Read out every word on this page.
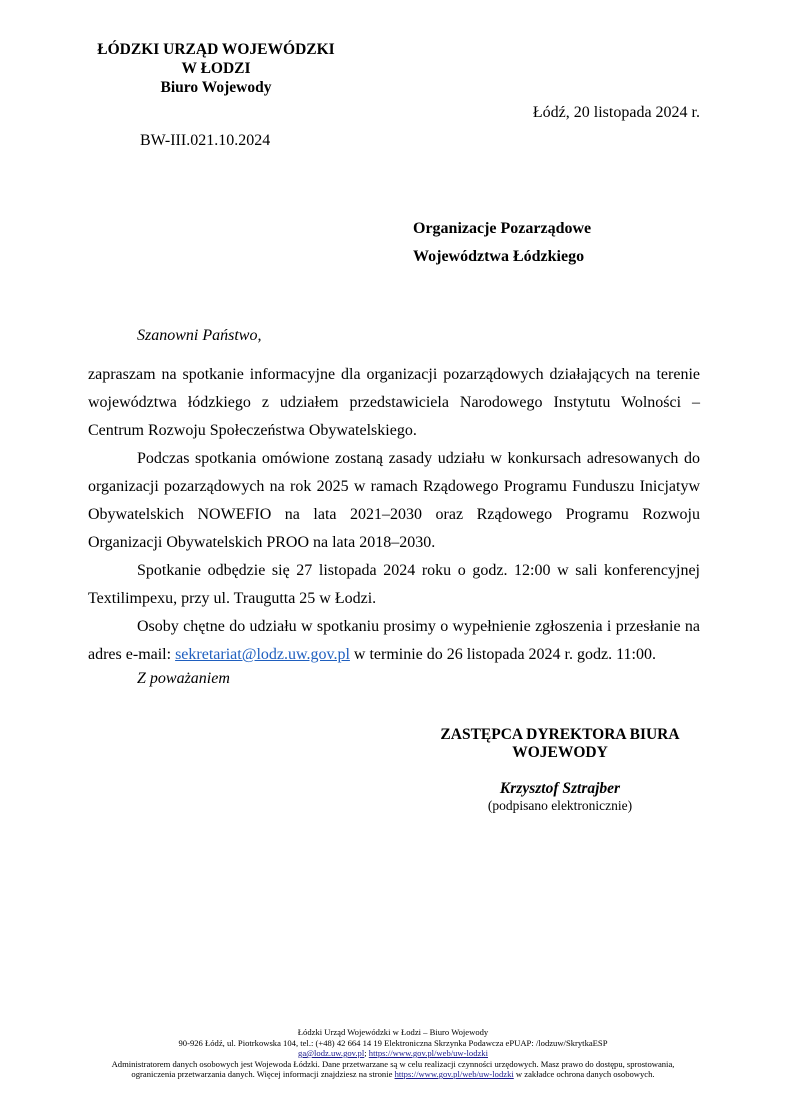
ŁÓDZKI URZĄD WOJEWÓDZKI
W ŁODZI
Biuro Wojewody
Łódź, 20 listopada 2024 r.
BW-III.021.10.2024
Organizacje Pozarządowe
Województwa Łódzkiego
Szanowni Państwo,

zapraszam na spotkanie informacyjne dla organizacji pozarządowych działających na terenie województwa łódzkiego z udziałem przedstawiciela Narodowego Instytutu Wolności – Centrum Rozwoju Społeczeństwa Obywatelskiego.

Podczas spotkania omówione zostaną zasady udziału w konkursach adresowanych do organizacji pozarządowych na rok 2025 w ramach Rządowego Programu Funduszu Inicjatyw Obywatelskich NOWEFIO na lata 2021–2030 oraz Rządowego Programu Rozwoju Organizacji Obywatelskich PROO na lata 2018–2030.

Spotkanie odbędzie się 27 listopada 2024 roku o godz. 12:00 w sali konferencyjnej Textilimpexu, przy ul. Traugutta 25 w Łodzi.

Osoby chętne do udziału w spotkaniu prosimy o wypełnienie zgłoszenia i przesłanie na adres e-mail: sekretariat@lodz.uw.gov.pl w terminie do 26 listopada 2024 r. godz. 11:00.

Z poważaniem
ZASTĘPCA DYREKTORA BIURA
WOJEWODY
Krzysztof Sztrajber
(podpisano elektronicznie)
Łódzki Urząd Wojewódzki w Łodzi – Biuro Wojewody
90-926 Łódź, ul. Piotrkowska 104, tel.: (+48) 42 664 14 19 Elektroniczna Skrzynka Podawcza ePUAP: /lodzuw/SkrytkaESP
ga@lodz.uw.gov.pl; https://www.gov.pl/web/uw-lodzki
Administratorem danych osobowych jest Wojewoda Łódzki. Dane przetwarzane są w celu realizacji czynności urzędowych. Masz prawo do dostępu, sprostowania, ograniczenia przetwarzania danych. Więcej informacji znajdziesz na stronie https://www.gov.pl/web/uw-lodzki w zakładce ochrona danych osobowych.
